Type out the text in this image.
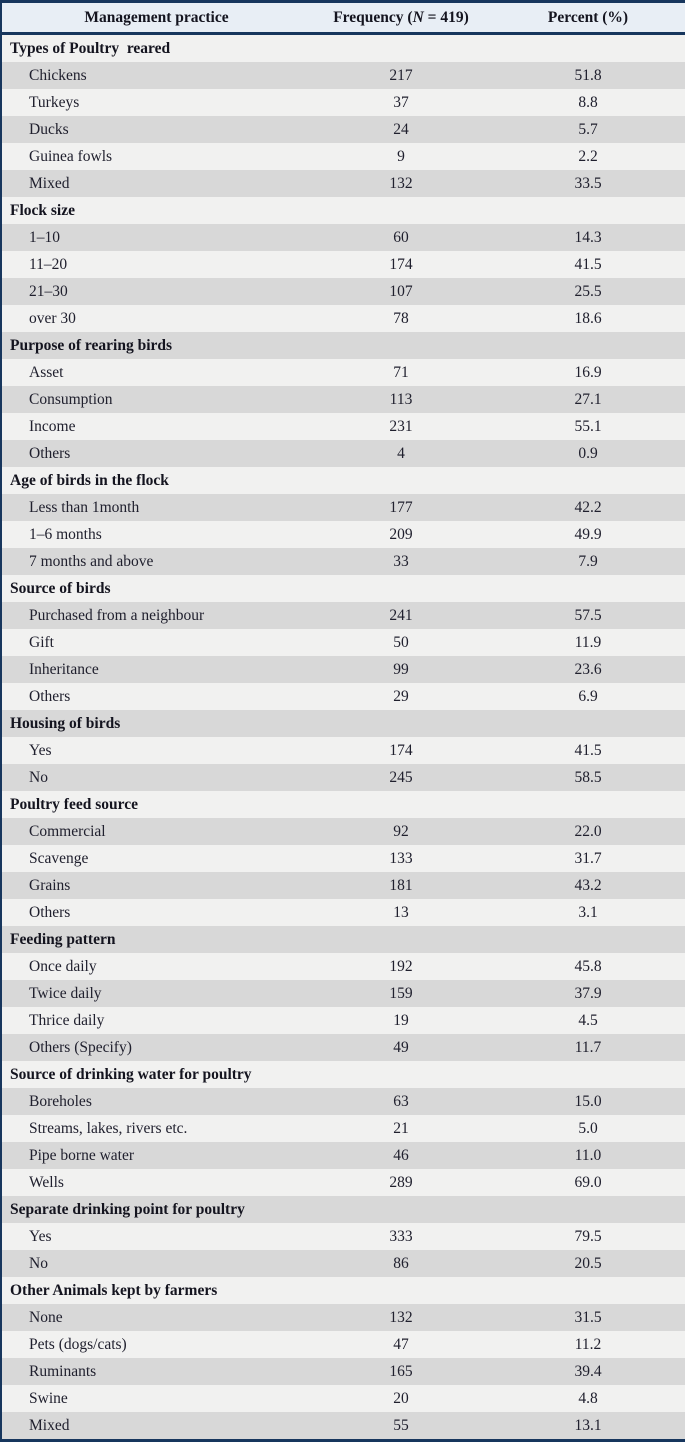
Management practice	Frequency (N = 419)	Percent (%)
Types of Poultry  reared		
Chickens	217	51.8
Turkeys	37	8.8
Ducks	24	5.7
Guinea fowls	9	2.2
Mixed	132	33.5
Flock size		
1–10	60	14.3
11–20	174	41.5
21–30	107	25.5
over 30	78	18.6
Purpose of rearing birds		
Asset	71	16.9
Consumption	113	27.1
Income	231	55.1
Others	4	0.9
Age of birds in the flock		
Less than 1month	177	42.2
1–6 months	209	49.9
7 months and above	33	7.9
Source of birds		
Purchased from a neighbour	241	57.5
Gift	50	11.9
Inheritance	99	23.6
Others	29	6.9
Housing of birds		
Yes	174	41.5
No	245	58.5
Poultry feed source		
Commercial	92	22.0
Scavenge	133	31.7
Grains	181	43.2
Others	13	3.1
Feeding pattern		
Once daily	192	45.8
Twice daily	159	37.9
Thrice daily	19	4.5
Others (Specify)	49	11.7
Source of drinking water for poultry		
Boreholes	63	15.0
Streams, lakes, rivers etc.	21	5.0
Pipe borne water	46	11.0
Wells	289	69.0
Separate drinking point for poultry		
Yes	333	79.5
No	86	20.5
Other Animals kept by farmers		
None	132	31.5
Pets (dogs/cats)	47	11.2
Ruminants	165	39.4
Swine	20	4.8
Mixed	55	13.1
